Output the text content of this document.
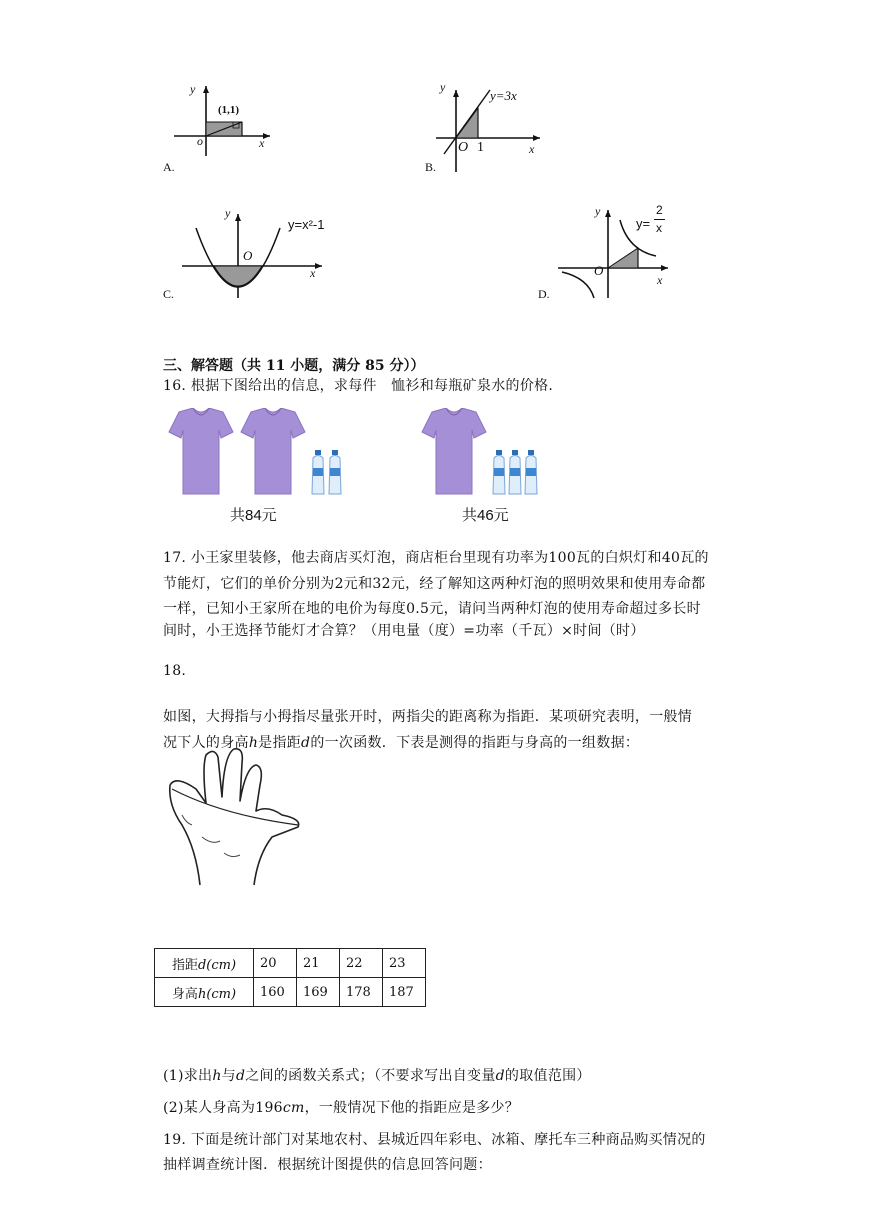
y
(1,1)
o	x
A.
y
y=3x
O 1	x
B.
y
y=x²-1
O
x
C.
y
y=
2
x
O
x
D.
三、解答题（共 11 小题，满分 85 分））
16. 根据下图给出的信息，求每件　恤衫和每瓶矿泉水的价格.
共84元	共46元
17. 小王家里装修，他去商店买灯泡，商店柜台里现有功率为100瓦的白炽灯和40瓦的
节能灯，它们的单价分别为2元和32元，经了解知这两种灯泡的照明效果和使用寿命都
一样，已知小王家所在地的电价为每度0.5元，请问当两种灯泡的使用寿命超过多长时
间时，小王选择节能灯才合算？（用电量（度）=功率（千瓦）×时间（时）
18.
如图，大拇指与小拇指尽量张开时，两指尖的距离称为指距．某项研究表明，一般情
况下人的身高h是指距d的一次函数．下表是测得的指距与身高的一组数据：
指距d(cm)	20	21	22	23
身高h(cm)	160	169	178	187
(1)求出h与d之间的函数关系式；（不要求写出自变量d的取值范围）
(2)某人身高为196cm，一般情况下他的指距应是多少？
19. 下面是统计部门对某地农村、县城近四年彩电、冰箱、摩托车三种商品购买情况的
抽样调查统计图．根据统计图提供的信息回答问题：
